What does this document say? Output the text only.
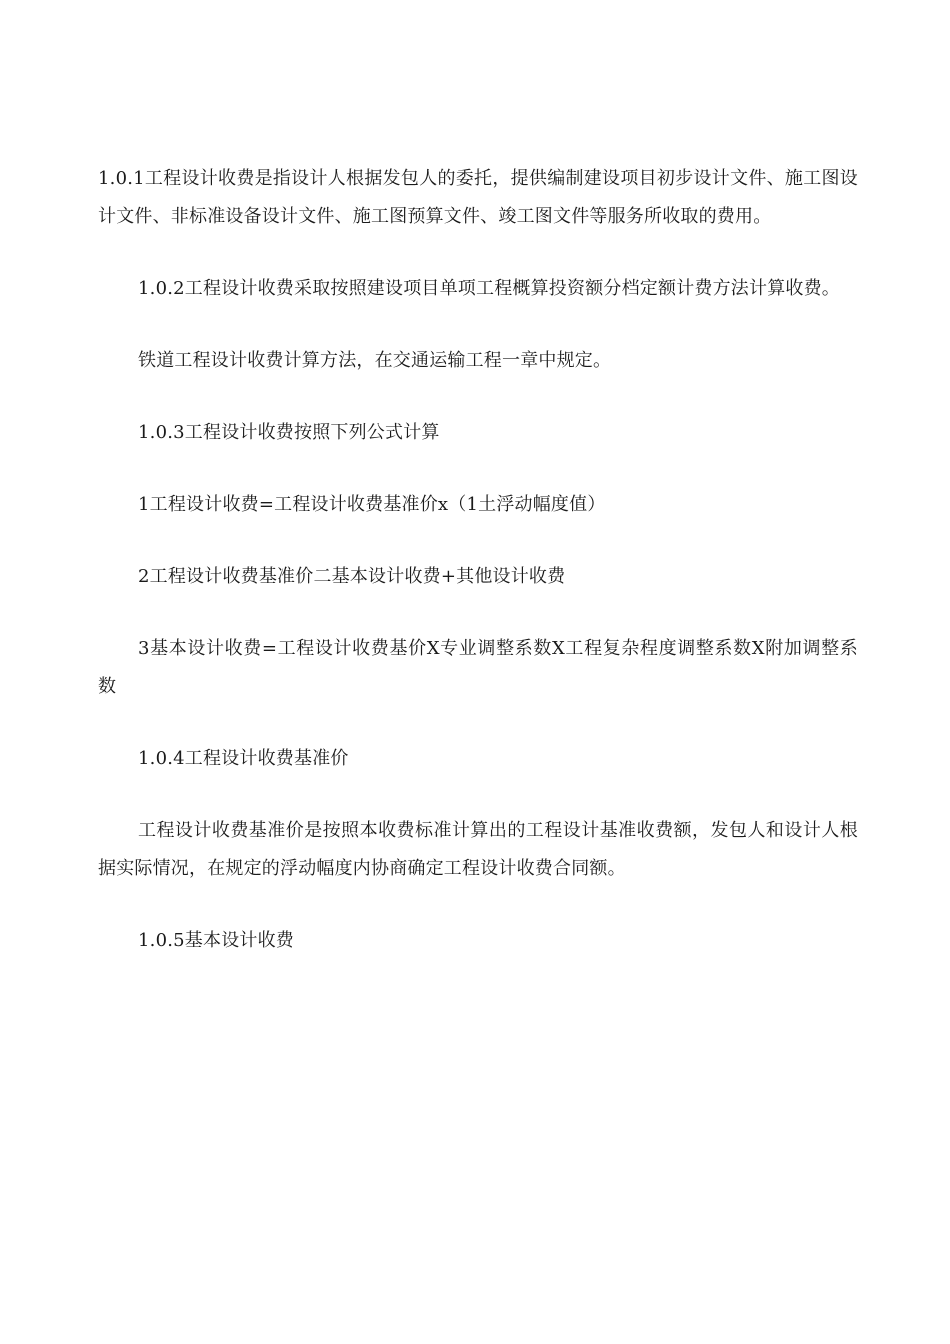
1.0.1工程设计收费是指设计人根据发包人的委托，提供编制建设项目初步设计文件、施工图设计文件、非标准设备设计文件、施工图预算文件、竣工图文件等服务所收取的费用。

1.0.2工程设计收费采取按照建设项目单项工程概算投资额分档定额计费方法计算收费。

铁道工程设计收费计算方法，在交通运输工程一章中规定。

1.0.3工程设计收费按照下列公式计算

1工程设计收费=工程设计收费基准价x（1土浮动幅度值）

2工程设计收费基准价二基本设计收费+其他设计收费

3基本设计收费=工程设计收费基价X专业调整系数X工程复杂程度调整系数X附加调整系数

1.0.4工程设计收费基准价

工程设计收费基准价是按照本收费标准计算出的工程设计基准收费额，发包人和设计人根据实际情况，在规定的浮动幅度内协商确定工程设计收费合同额。

1.0.5基本设计收费
